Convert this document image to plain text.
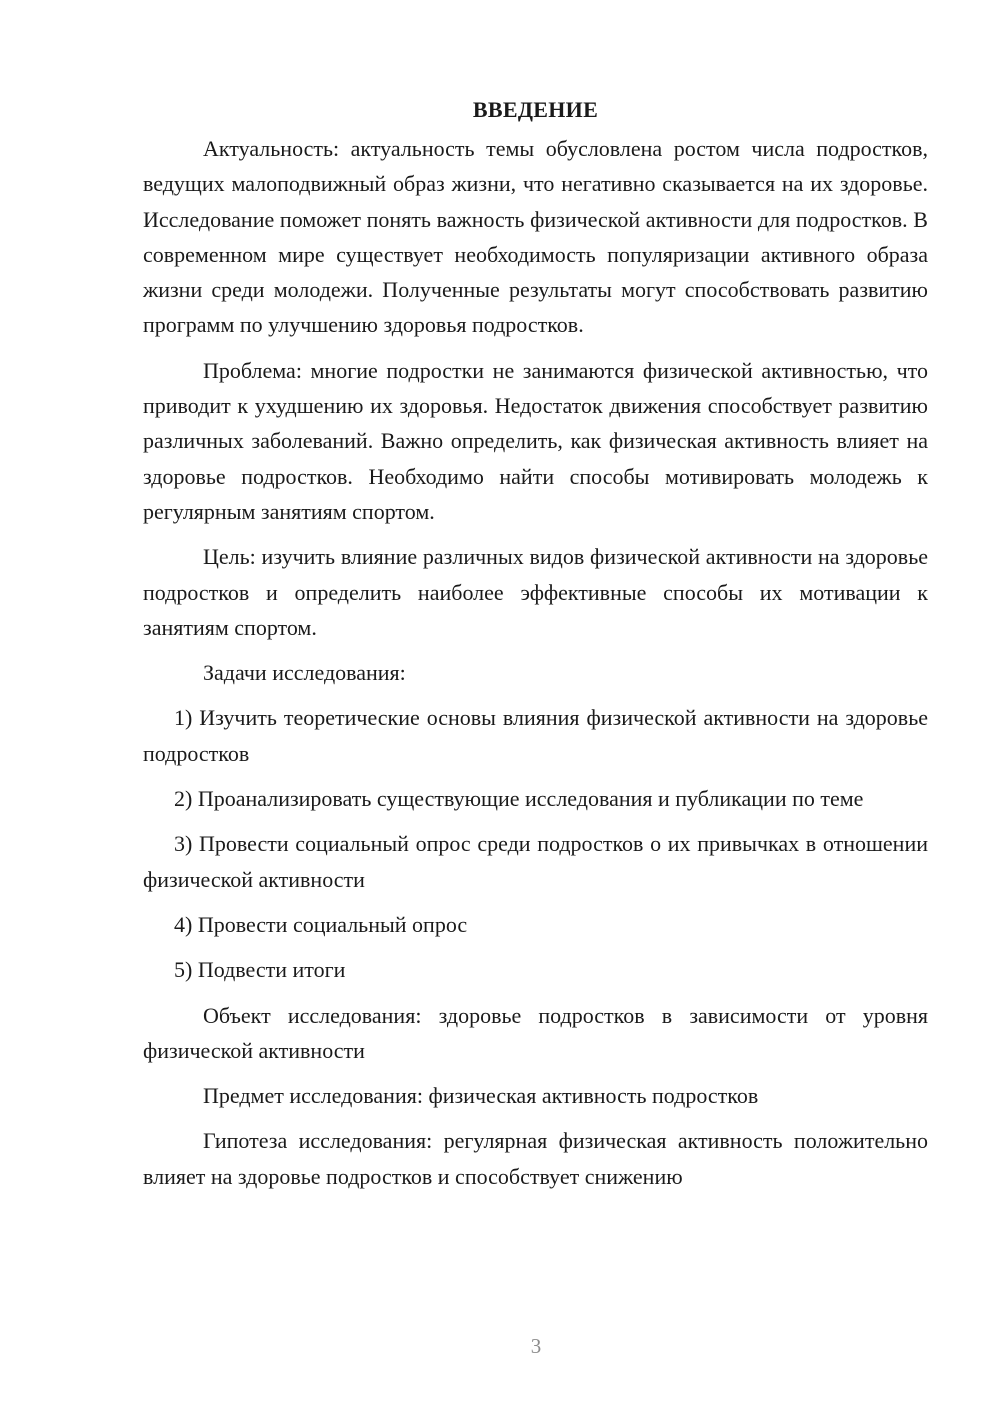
ВВЕДЕНИЕ

Актуальность: актуальность темы обусловлена ростом числа подростков, ведущих малоподвижный образ жизни, что негативно сказывается на их здоровье. Исследование поможет понять важность физической активности для подростков. В современном мире существует необходимость популяризации активного образа жизни среди молодежи. Полученные результаты могут способствовать развитию программ по улучшению здоровья подростков.

Проблема: многие подростки не занимаются физической активностью, что приводит к ухудшению их здоровья. Недостаток движения способствует развитию различных заболеваний. Важно определить, как физическая активность влияет на здоровье подростков. Необходимо найти способы мотивировать молодежь к регулярным занятиям спортом.

Цель: изучить влияние различных видов физической активности на здоровье подростков и определить наиболее эффективные способы их мотивации к занятиям спортом.

Задачи исследования:

1) Изучить теоретические основы влияния физической активности на здоровье подростков

2) Проанализировать существующие исследования и публикации по теме

3) Провести социальный опрос среди подростков о их привычках в отношении физической активности

4) Провести социальный опрос

5) Подвести итоги

Объект исследования: здоровье подростков в зависимости от уровня физической активности

Предмет исследования: физическая активность подростков

Гипотеза исследования: регулярная физическая активность положительно влияет на здоровье подростков и способствует снижению

3
